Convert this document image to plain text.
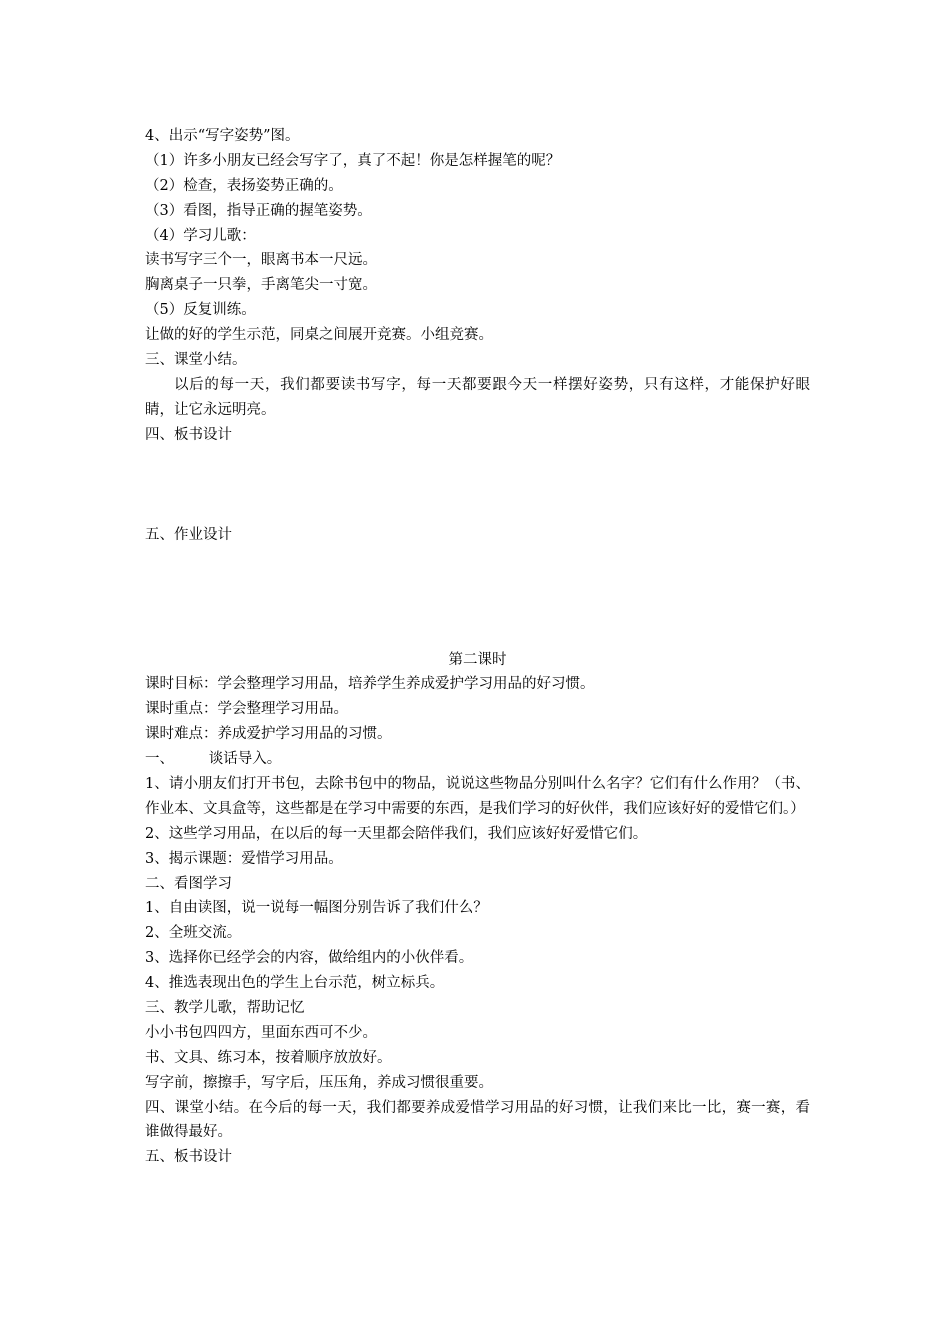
4、出示“写字姿势”图。
（1）许多小朋友已经会写字了，真了不起！你是怎样握笔的呢？
（2）检查，表扬姿势正确的。
（3）看图，指导正确的握笔姿势。
（4）学习儿歌：
读书写字三个一，眼离书本一尺远。
胸离桌子一只拳，手离笔尖一寸宽。
（5）反复训练。
让做的好的学生示范，同桌之间展开竞赛。小组竞赛。
三、课堂小结。
以后的每一天，我们都要读书写字，每一天都要跟今天一样摆好姿势，只有这样，才能保护好眼睛，让它永远明亮。
四、板书设计
五、作业设计
第二课时
课时目标：学会整理学习用品，培养学生养成爱护学习用品的好习惯。
课时重点：学会整理学习用品。
课时难点：养成爱护学习用品的习惯。
一、 谈话导入。
1、请小朋友们打开书包，去除书包中的物品，说说这些物品分别叫什么名字？它们有什么作用？（书、作业本、文具盒等，这些都是在学习中需要的东西，是我们学习的好伙伴，我们应该好好的爱惜它们。）
2、这些学习用品，在以后的每一天里都会陪伴我们，我们应该好好爱惜它们。
3、揭示课题：爱惜学习用品。
二、看图学习
1、自由读图，说一说每一幅图分别告诉了我们什么？
2、全班交流。
3、选择你已经学会的内容，做给组内的小伙伴看。
4、推选表现出色的学生上台示范，树立标兵。
三、教学儿歌，帮助记忆
小小书包四四方，里面东西可不少。
书、文具、练习本，按着顺序放放好。
写字前，擦擦手，写字后，压压角，养成习惯很重要。
四、课堂小结。在今后的每一天，我们都要养成爱惜学习用品的好习惯，让我们来比一比，赛一赛，看谁做得最好。
五、板书设计
